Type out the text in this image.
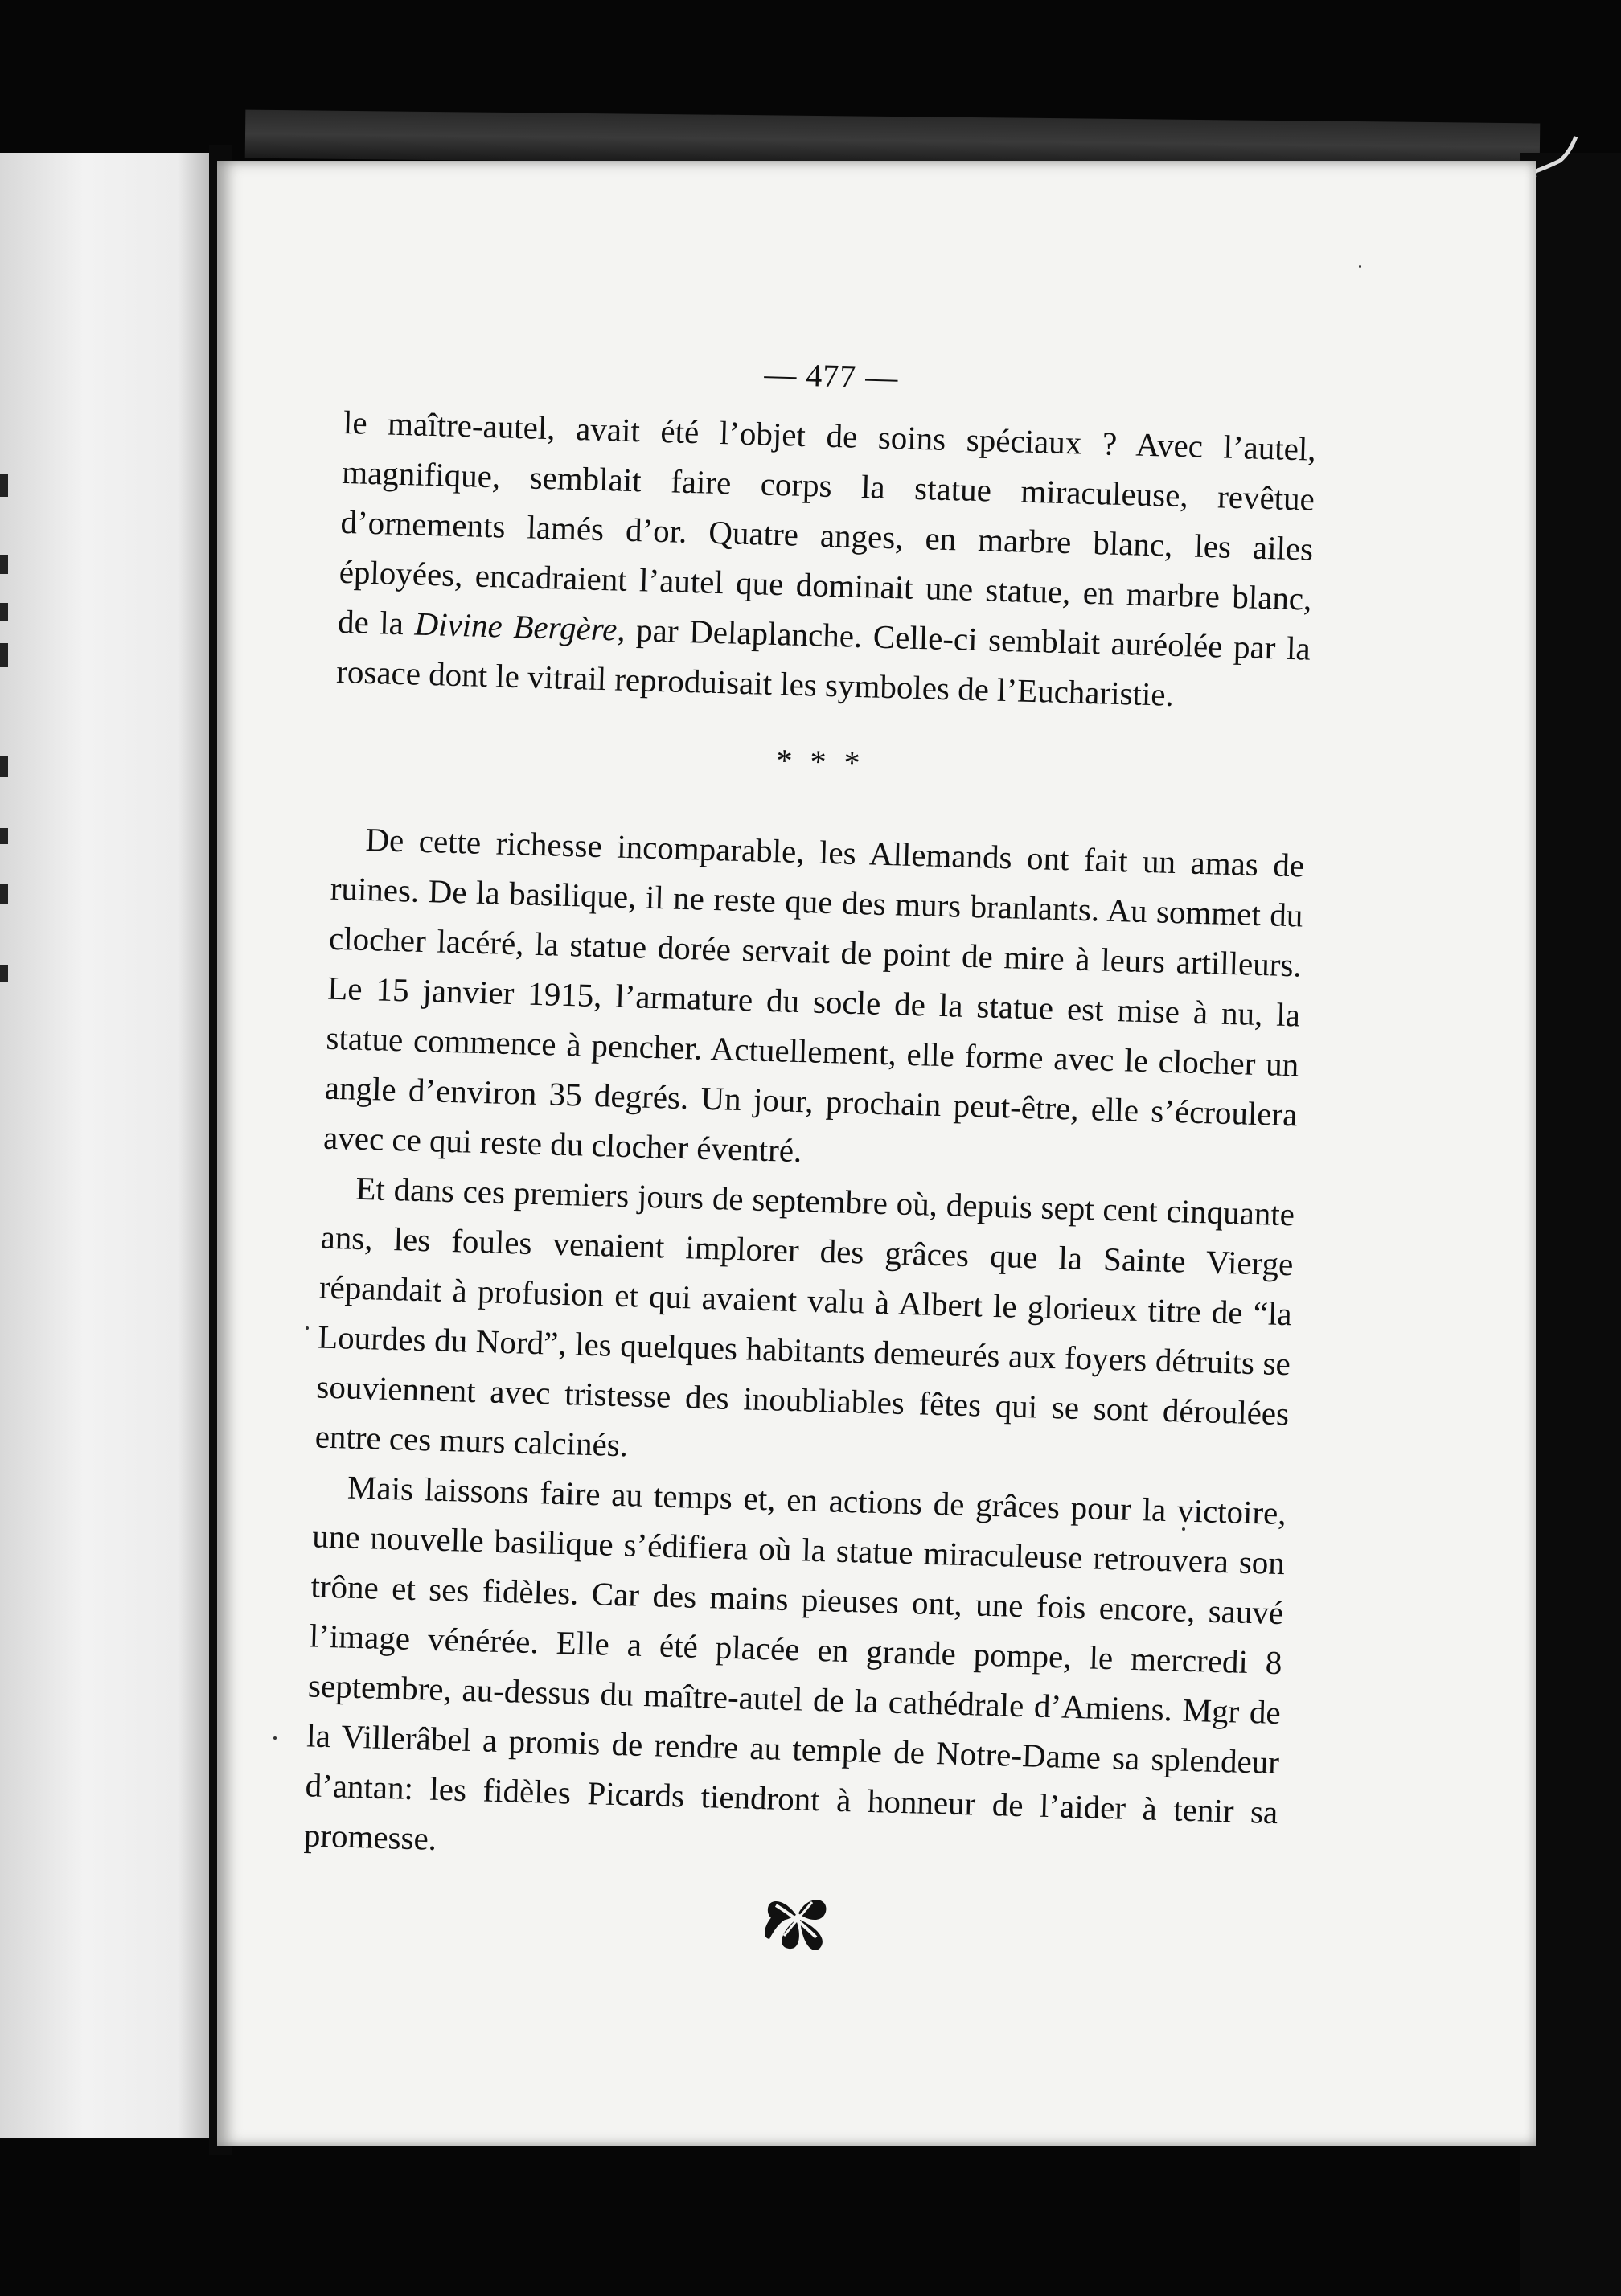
— 477 —

le maître-autel, avait été l’objet de soins spéciaux ? Avec l’autel, magnifique, semblait faire corps la statue miraculeuse, revêtue d’ornements lamés d’or. Quatre anges, en marbre blanc, les ailes éployées, encadraient l’autel que dominait une statue, en marbre blanc, de la Divine Bergère, par Delaplanche. Celle-ci semblait auréolée par la rosace dont le vitrail reproduisait les symboles de l’Eucharistie.

* * *

De cette richesse incomparable, les Allemands ont fait un amas de ruines. De la basilique, il ne reste que des murs branlants. Au sommet du clocher lacéré, la statue dorée servait de point de mire à leurs artilleurs. Le 15 janvier 1915, l’armature du socle de la statue est mise à nu, la statue commence à pencher. Actuellement, elle forme avec le clocher un angle d’environ 35 degrés. Un jour, prochain peut-être, elle s’écroulera avec ce qui reste du clocher éventré.

Et dans ces premiers jours de septembre où, depuis sept cent cinquante ans, les foules venaient implorer des grâces que la Sainte Vierge répandait à profusion et qui avaient valu à Albert le glorieux titre de “la Lourdes du Nord”, les quelques habitants demeurés aux foyers détruits se souviennent avec tristesse des inoubliables fêtes qui se sont déroulées entre ces murs calcinés.

Mais laissons faire au temps et, en actions de grâces pour la victoire, une nouvelle basilique s’édifiera où la statue miraculeuse retrouvera son trône et ses fidèles. Car des mains pieuses ont, une fois encore, sauvé l’image vénérée. Elle a été placée en grande pompe, le mercredi 8 septembre, au-dessus du maître-autel de la cathédrale d’Amiens. Mgr de la Villerâbel a promis de rendre au temple de Notre-Dame sa splendeur d’antan: les fidèles Picards tiendront à honneur de l’aider à tenir sa promesse.
